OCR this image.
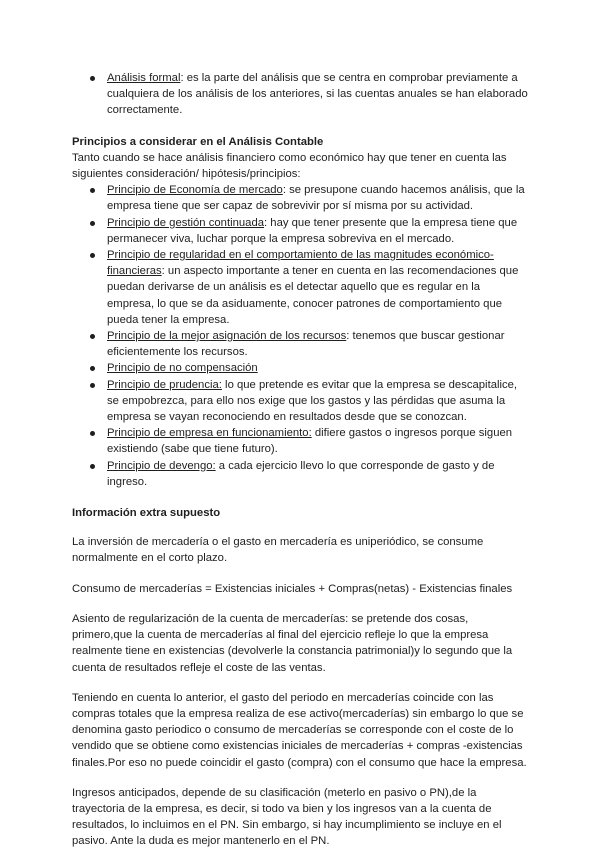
Análisis formal: es la parte del análisis que se centra en comprobar previamente a cualquiera de los análisis de los anteriores, si las cuentas anuales se han elaborado correctamente.

Principios a considerar en el Análisis Contable

Tanto cuando se hace análisis financiero como económico hay que tener en cuenta las siguientes consideración/ hipótesis/principios:

Principio de Economía de mercado: se presupone cuando hacemos análisis, que la empresa tiene que ser capaz de sobrevivir por sí misma por su actividad.
Principio de gestión continuada: hay que tener presente que la empresa tiene que permanecer viva, luchar porque la empresa sobreviva en el mercado.
Principio de regularidad en el comportamiento de las magnitudes económico-financieras: un aspecto importante a tener en cuenta en las recomendaciones que puedan derivarse de un análisis es el detectar aquello que es regular en la empresa, lo que se da asiduamente, conocer patrones de comportamiento que pueda tener la empresa.
Principio de la mejor asignación de los recursos: tenemos que buscar gestionar eficientemente los recursos.
Principio de no compensación
Principio de prudencia: lo que pretende es evitar que la empresa se descapitalice, se empobrezca, para ello nos exige que los gastos y las pérdidas que asuma la empresa se vayan reconociendo en resultados desde que se conozcan.
Principio de empresa en funcionamiento: difiere gastos o ingresos porque siguen existiendo (sabe que tiene futuro).
Principio de devengo: a cada ejercicio llevo lo que corresponde de gasto y de ingreso.

Información extra supuesto

La inversión de mercadería o el gasto en mercadería es uniperiódico, se consume normalmente en el corto plazo.

Consumo de mercaderías = Existencias iniciales + Compras(netas) - Existencias finales

Asiento de regularización de la cuenta de mercaderías: se pretende dos cosas, primero,que la cuenta de mercaderías al final del ejercicio refleje lo que la empresa realmente tiene en existencias (devolverle la constancia patrimonial)y lo segundo que la cuenta de resultados refleje el coste de las ventas.

Teniendo en cuenta lo anterior, el gasto del periodo en mercaderías coincide con las compras totales que la empresa realiza de ese activo(mercaderías) sin embargo lo que se denomina gasto periodico o consumo de mercaderías se corresponde con el coste de lo vendido que se obtiene como existencias iniciales de mercaderías + compras -existencias finales.Por eso no puede coincidir el gasto (compra) con el consumo que hace la empresa.

Ingresos anticipados, depende de su clasificación (meterlo en pasivo o PN),de la trayectoria de la empresa, es decir, si todo va bien y los ingresos van a la cuenta de resultados, lo incluimos en el PN. Sin embargo, si hay incumplimiento se incluye en el pasivo. Ante la duda es mejor mantenerlo en el PN.
